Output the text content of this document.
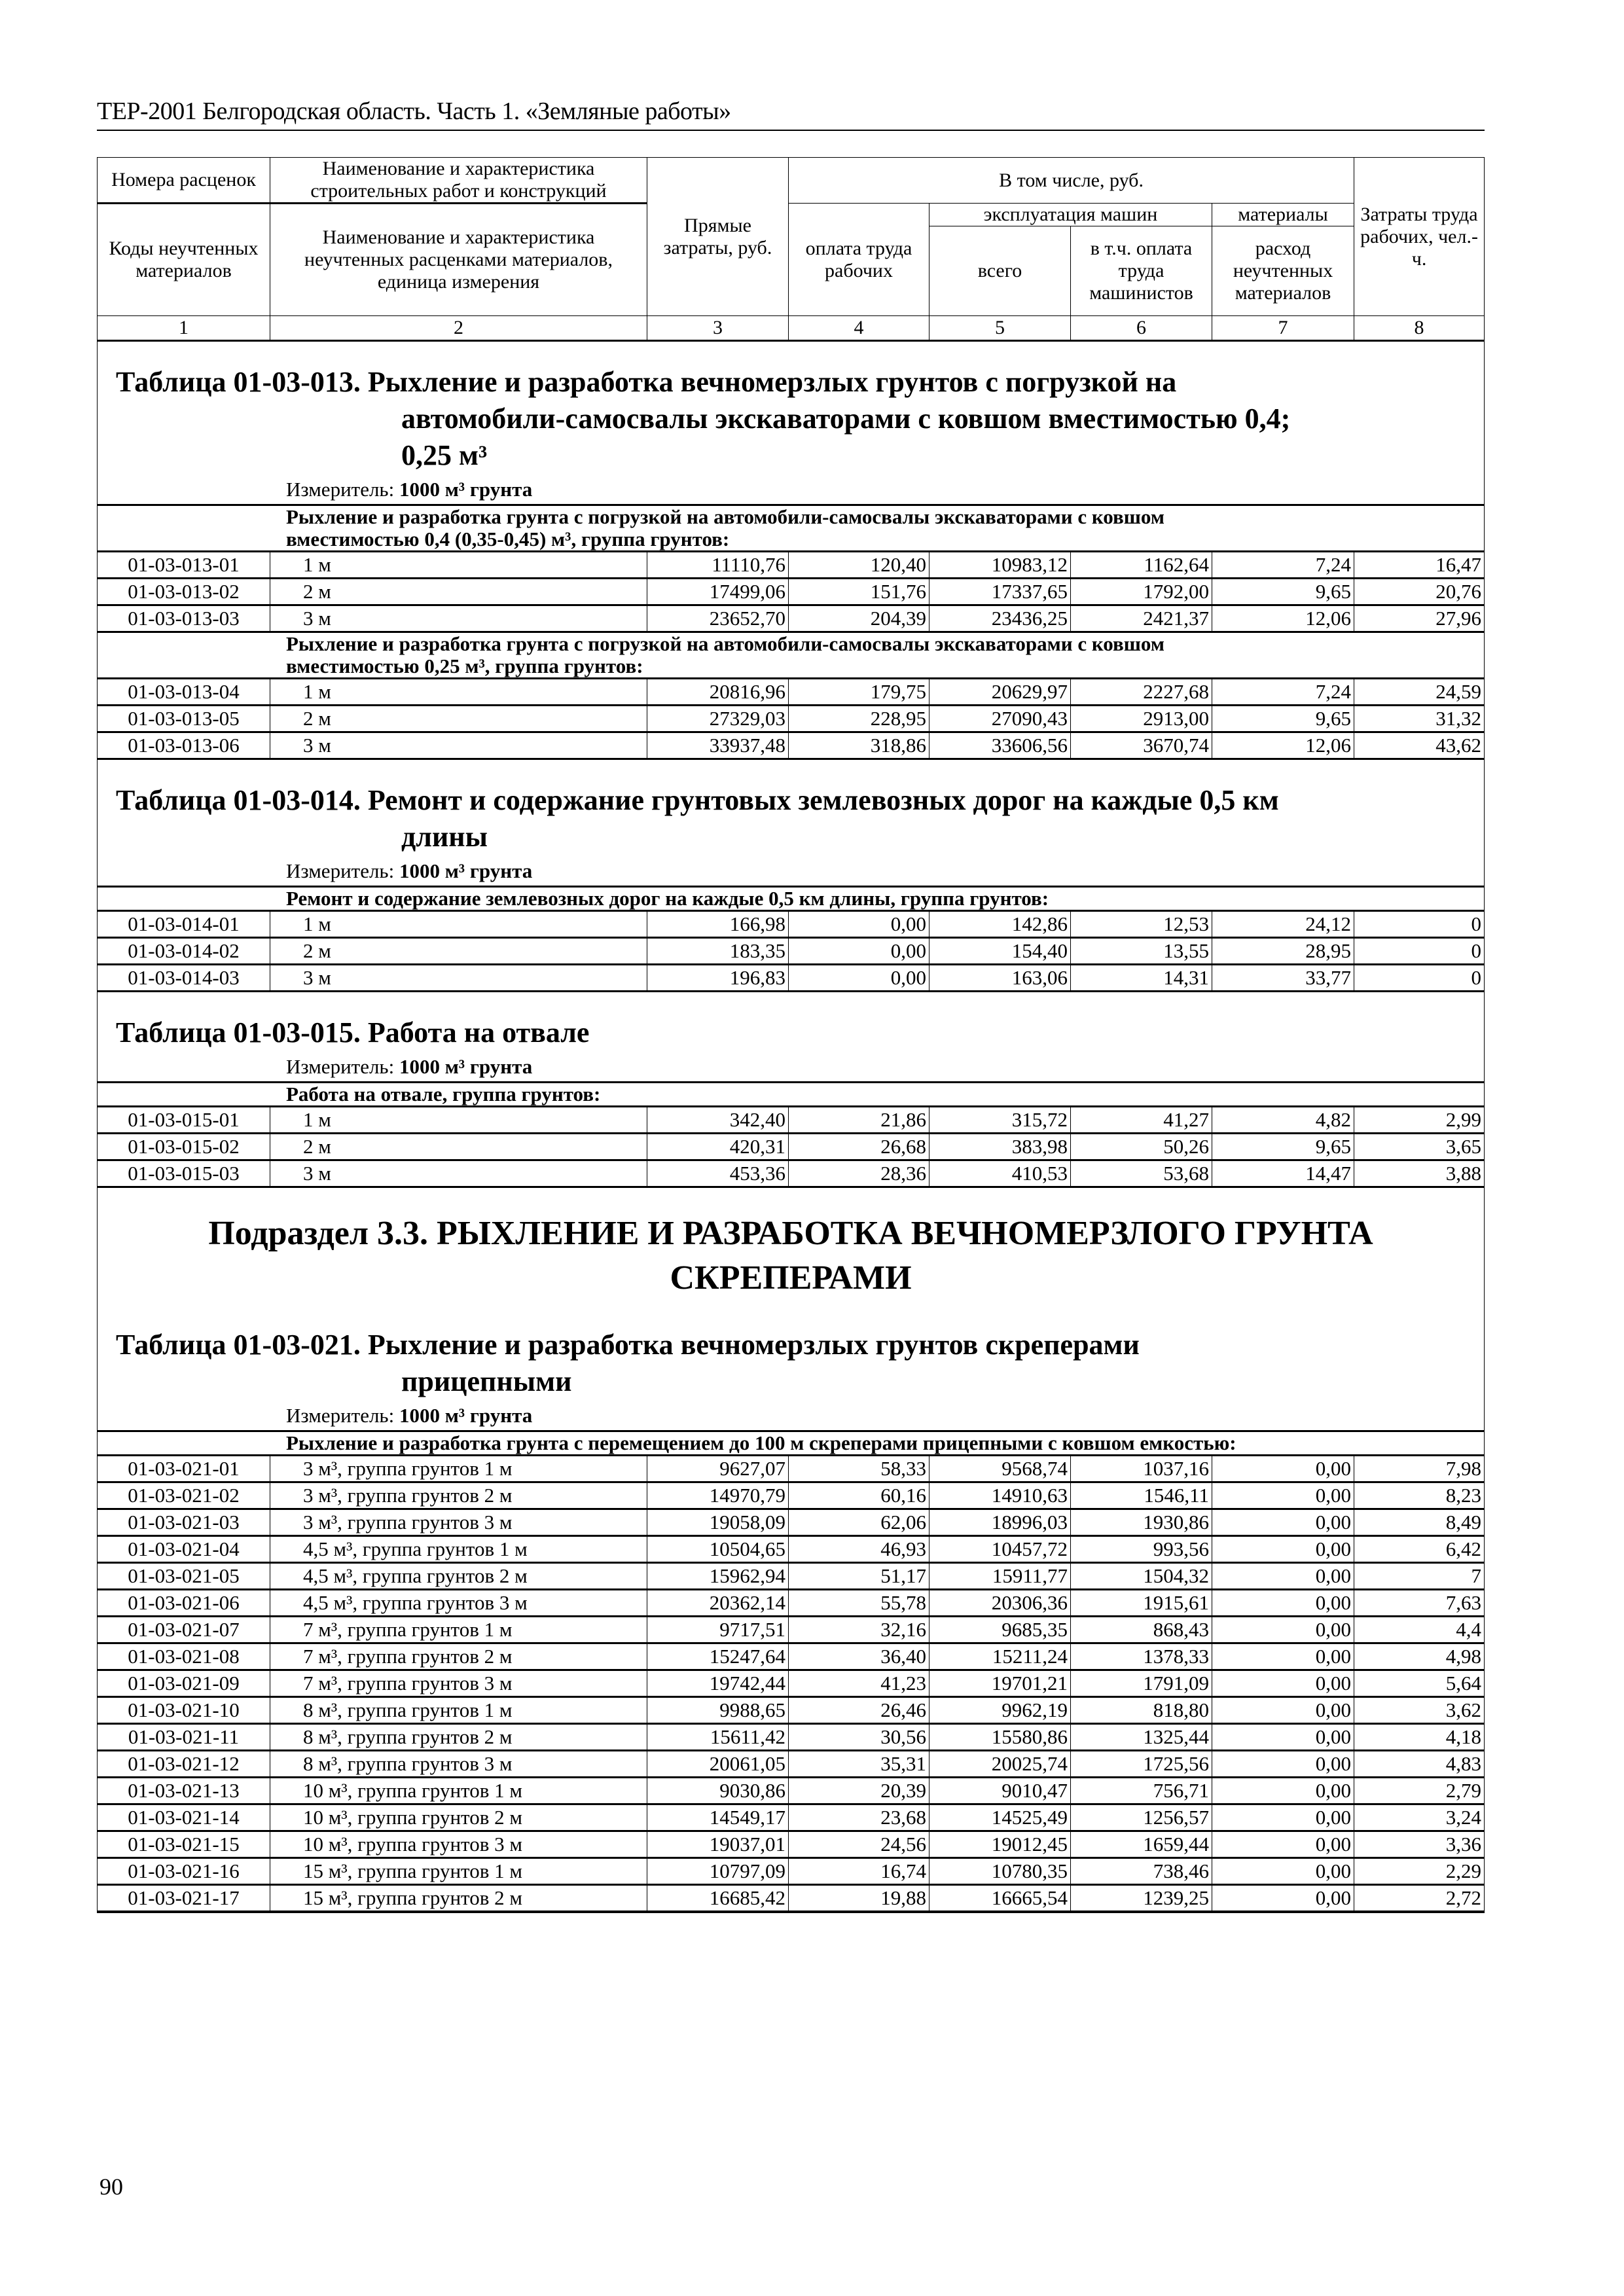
ТЕР-2001 Белгородская область. Часть 1. «Земляные работы»
Номера расценок	Наименование и характеристика строительных работ и конструкций	Прямые затраты, руб.	В том числе, руб.				Затраты труда рабочих, чел.-ч.
Коды неучтенных материалов	Наименование и характеристика неучтенных расценками материалов, единица измерения		оплата труда рабочих	эксплуатация машин		материалы	
				всего	в т.ч. оплата труда машинистов	расход неучтенных материалов	
1	2	3	4	5	6	7	8

Таблица 01-03-013. Рыхление и разработка вечномерзлых грунтов с погрузкой на
автомобили-самосвалы экскаваторами с ковшом вместимостью 0,4;
0,25 м³
Измеритель: 1000 м³ грунта							

Рыхление и разработка грунта с погрузкой на автомобили-самосвалы экскаваторами с ковшом
вместимостью 0,4 (0,35-0,45) м³, группа грунтов:							

01-03-013-01	1 м	11110,76	120,40	10983,12	1162,64	7,24	16,47
01-03-013-02	2 м	17499,06	151,76	17337,65	1792,00	9,65	20,76
01-03-013-03	3 м	23652,70	204,39	23436,25	2421,37	12,06	27,96

Рыхление и разработка грунта с погрузкой на автомобили-самосвалы экскаваторами с ковшом
вместимостью 0,25 м³, группа грунтов:							

01-03-013-04	1 м	20816,96	179,75	20629,97	2227,68	7,24	24,59
01-03-013-05	2 м	27329,03	228,95	27090,43	2913,00	9,65	31,32
01-03-013-06	3 м	33937,48	318,86	33606,56	3670,74	12,06	43,62

Таблица 01-03-014. Ремонт и содержание грунтовых землевозных дорог на каждые 0,5 км
длины
Измеритель: 1000 м³ грунта							

Ремонт и содержание землевозных дорог на каждые 0,5 км длины, группа грунтов:							

01-03-014-01	1 м	166,98	0,00	142,86	12,53	24,12	0
01-03-014-02	2 м	183,35	0,00	154,40	13,55	28,95	0
01-03-014-03	3 м	196,83	0,00	163,06	14,31	33,77	0

Таблица 01-03-015. Работа на отвале
Измеритель: 1000 м³ грунта							

Работа на отвале, группа грунтов:							

01-03-015-01	1 м	342,40	21,86	315,72	41,27	4,82	2,99
01-03-015-02	2 м	420,31	26,68	383,98	50,26	9,65	3,65
01-03-015-03	3 м	453,36	28,36	410,53	53,68	14,47	3,88

Подраздел 3.3. РЫХЛЕНИЕ И РАЗРАБОТКА ВЕЧНОМЕРЗЛОГО ГРУНТА
СКРЕПЕРАМИ
Таблица 01-03-021. Рыхление и разработка вечномерзлых грунтов скреперами
прицепными
Измеритель: 1000 м³ грунта							

Рыхление и разработка грунта с перемещением до 100 м скреперами прицепными с ковшом емкостью:							

01-03-021-01	3 м³, группа грунтов 1 м	9627,07	58,33	9568,74	1037,16	0,00	7,98
01-03-021-02	3 м³, группа грунтов 2 м	14970,79	60,16	14910,63	1546,11	0,00	8,23
01-03-021-03	3 м³, группа грунтов 3 м	19058,09	62,06	18996,03	1930,86	0,00	8,49
01-03-021-04	4,5 м³, группа грунтов 1 м	10504,65	46,93	10457,72	993,56	0,00	6,42
01-03-021-05	4,5 м³, группа грунтов 2 м	15962,94	51,17	15911,77	1504,32	0,00	7
01-03-021-06	4,5 м³, группа грунтов 3 м	20362,14	55,78	20306,36	1915,61	0,00	7,63
01-03-021-07	7 м³, группа грунтов 1 м	9717,51	32,16	9685,35	868,43	0,00	4,4
01-03-021-08	7 м³, группа грунтов 2 м	15247,64	36,40	15211,24	1378,33	0,00	4,98
01-03-021-09	7 м³, группа грунтов 3 м	19742,44	41,23	19701,21	1791,09	0,00	5,64
01-03-021-10	8 м³, группа грунтов 1 м	9988,65	26,46	9962,19	818,80	0,00	3,62
01-03-021-11	8 м³, группа грунтов 2 м	15611,42	30,56	15580,86	1325,44	0,00	4,18
01-03-021-12	8 м³, группа грунтов 3 м	20061,05	35,31	20025,74	1725,56	0,00	4,83
01-03-021-13	10 м³, группа грунтов 1 м	9030,86	20,39	9010,47	756,71	0,00	2,79
01-03-021-14	10 м³, группа грунтов 2 м	14549,17	23,68	14525,49	1256,57	0,00	3,24
01-03-021-15	10 м³, группа грунтов 3 м	19037,01	24,56	19012,45	1659,44	0,00	3,36
01-03-021-16	15 м³, группа грунтов 1 м	10797,09	16,74	10780,35	738,46	0,00	2,29
01-03-021-17	15 м³, группа грунтов 2 м	16685,42	19,88	16665,54	1239,25	0,00	2,72
90
